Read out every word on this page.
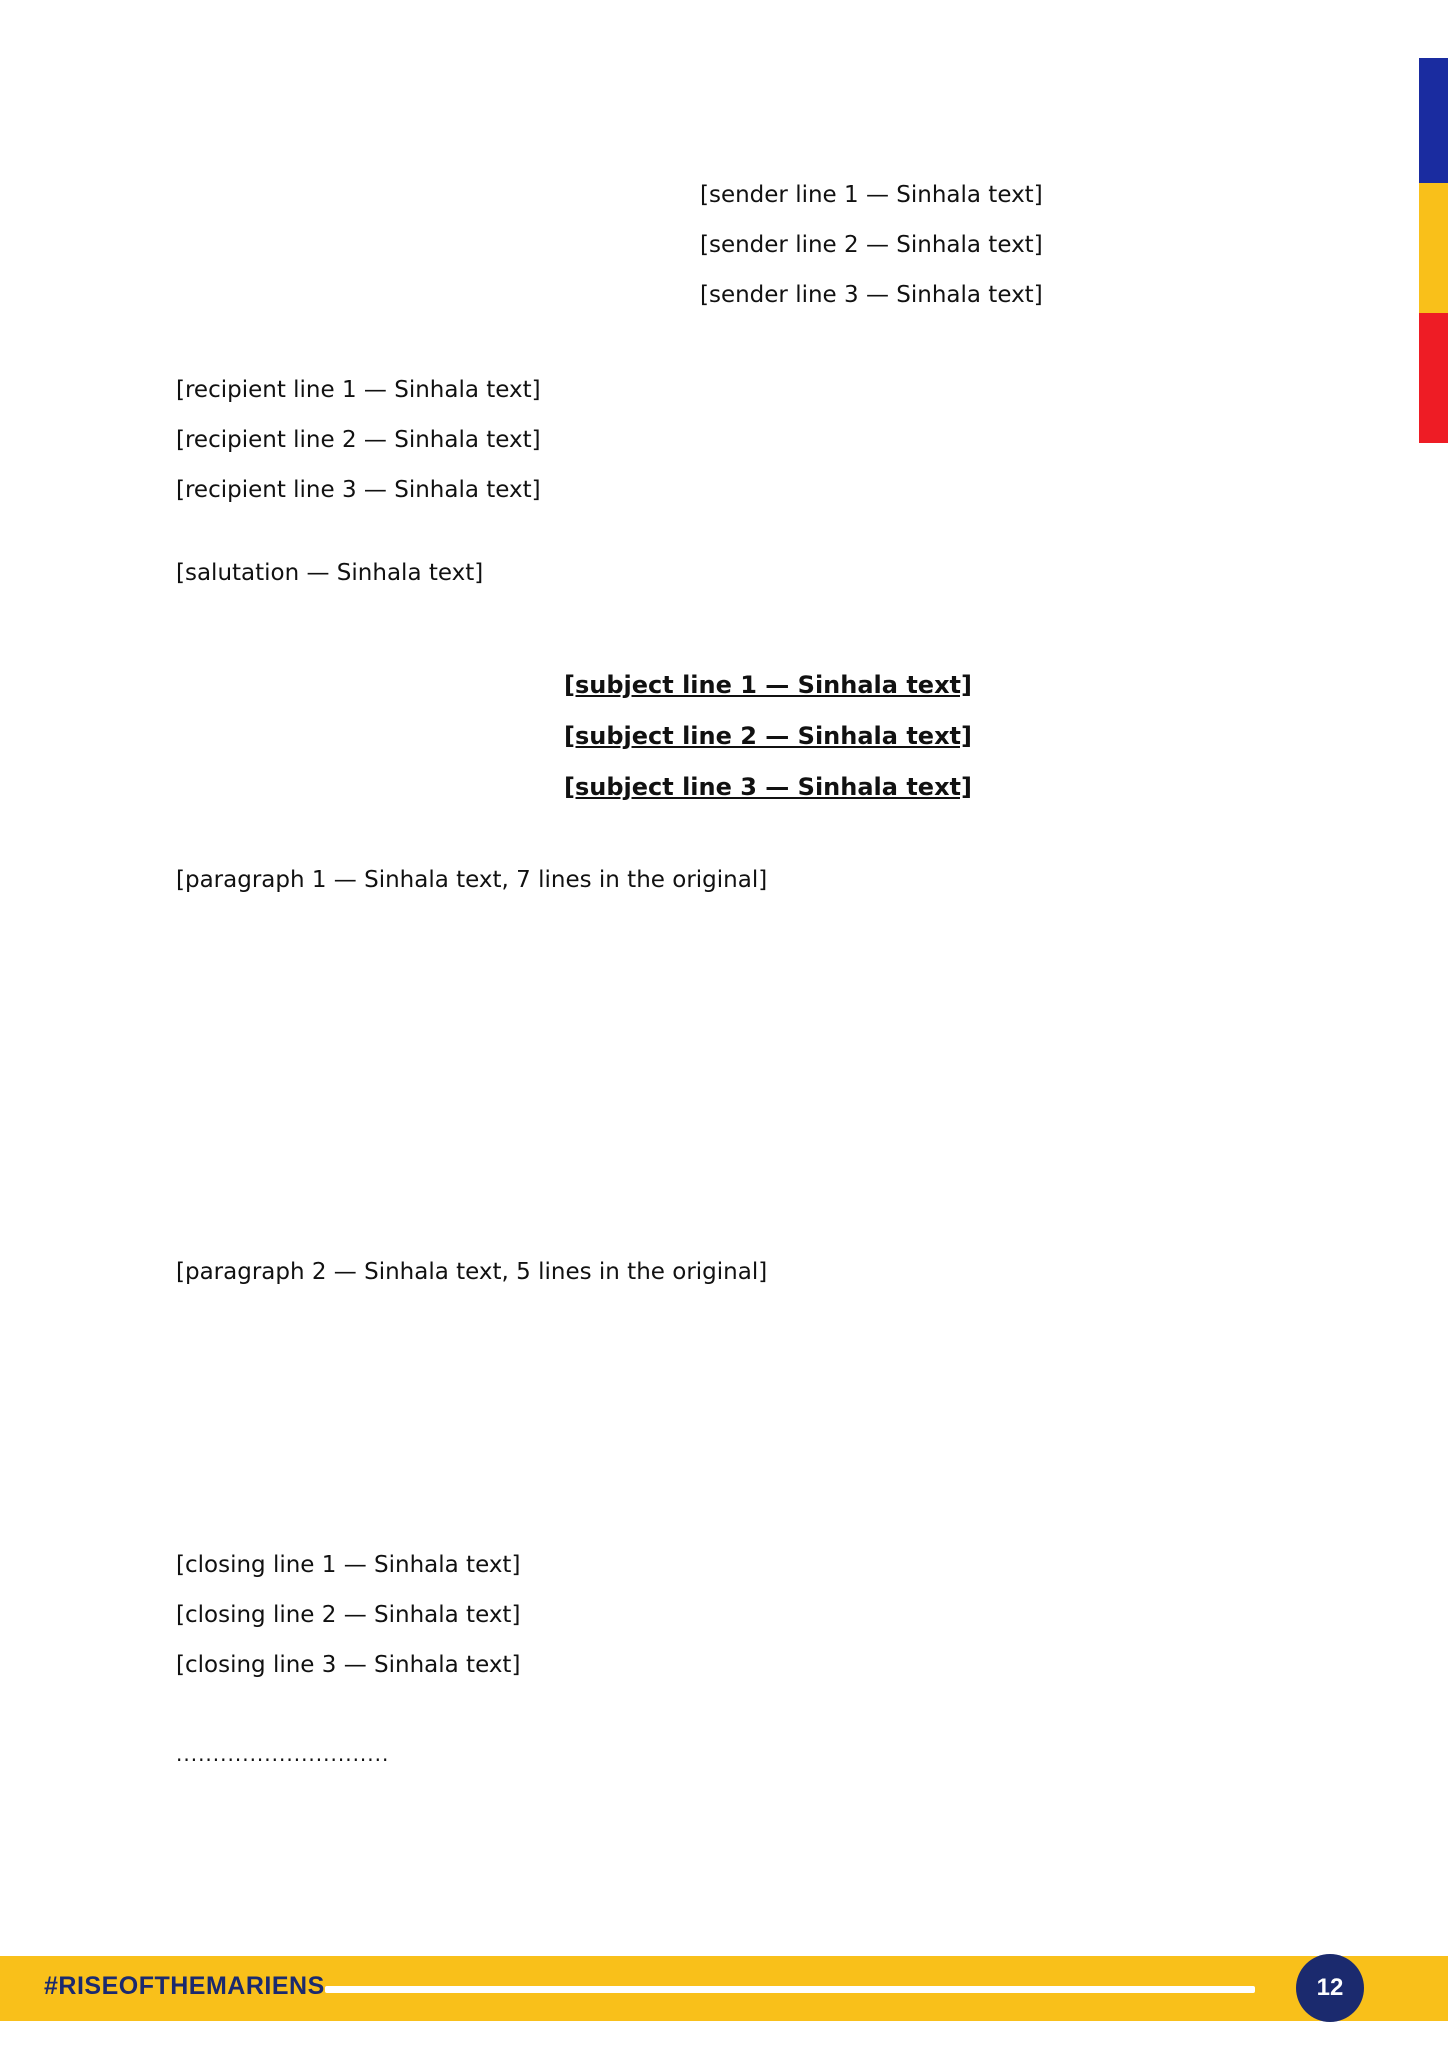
[sender line 1 — Sinhala text]
[sender line 2 — Sinhala text]
[sender line 3 — Sinhala text]
[recipient line 1 — Sinhala text]
[recipient line 2 — Sinhala text]
[recipient line 3 — Sinhala text]
[salutation — Sinhala text]
[subject line 1 — Sinhala text]
[subject line 2 — Sinhala text]
[subject line 3 — Sinhala text]
[paragraph 1 — Sinhala text, 7 lines in the original]
[paragraph 2 — Sinhala text, 5 lines in the original]
[closing line 1 — Sinhala text]
[closing line 2 — Sinhala text]
[closing line 3 — Sinhala text]
.............................
#RISEOFTHEMARIENS	12
